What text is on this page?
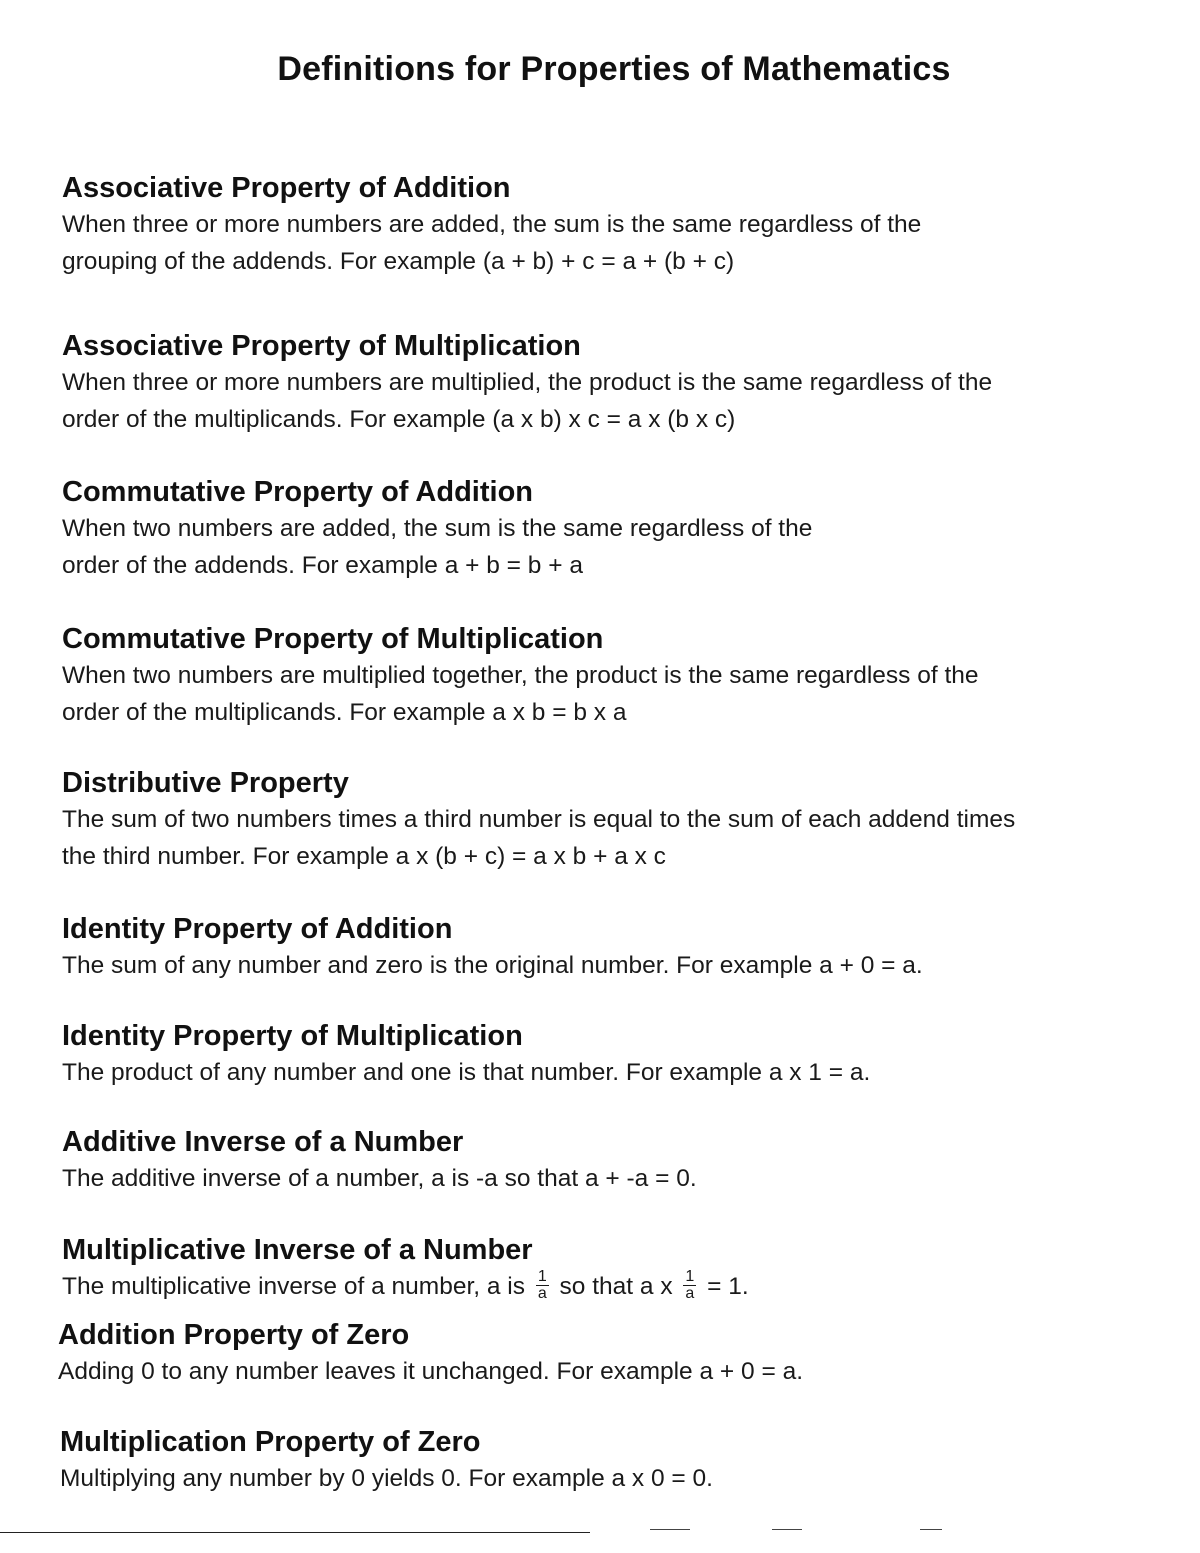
Definitions for Properties of Mathematics
Associative Property of Addition

When three or more numbers are added, the sum is the same regardless of the

grouping of the addends. For example (a + b) + c = a + (b + c)

Associative Property of Multiplication

When three or more numbers are multiplied, the product is the same regardless of the

order of the multiplicands. For example (a x b) x c = a x (b x c)

Commutative Property of Addition

When two numbers are added, the sum is the same regardless of the

order of the addends. For example a + b = b + a

Commutative Property of Multiplication

When two numbers are multiplied together, the product is the same regardless of the

order of the multiplicands. For example a x b = b x a

Distributive Property

The sum of two numbers times a third number is equal to the sum of each addend times

the third number. For example a x (b + c) = a x b + a x c

Identity Property of Addition

The sum of any number and zero is the original number. For example a + 0 = a.

Identity Property of Multiplication

The product of any number and one is that number. For example a x 1 = a.

Additive Inverse of a Number

The additive inverse of a number, a is -a so that a + -a = 0.

Multiplicative Inverse of a Number

The multiplicative inverse of a number, a is $\frac{1}{a}$ so that a x $\frac{1}{a} = 1$.

Addition Property of Zero

Adding 0 to any number leaves it unchanged. For example a + 0 = a.

Multiplication Property of Zero

Multiplying any number by 0 yields 0. For example a x 0 = 0.
